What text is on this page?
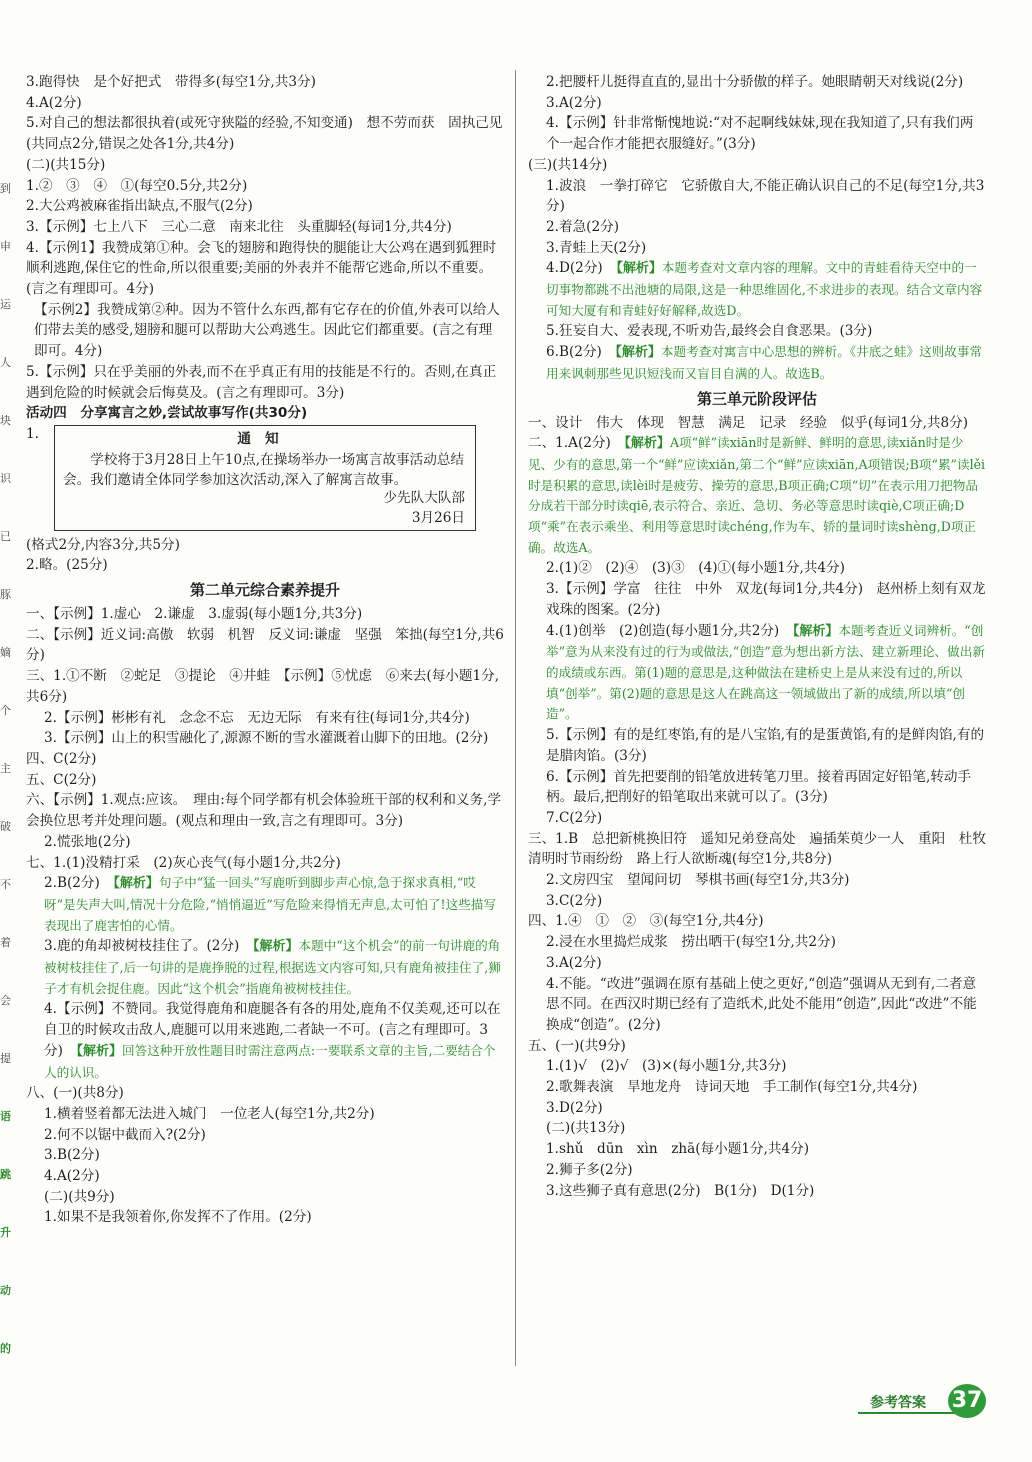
到
申
运
人
块
识
已
豚
嫡
个
主
破
不
着
会
提
语
跳
升
动
的
3.跑得快　是个好把式　带得多(每空1分,共3分)
4.A(2分)
5.对自己的想法都很执着(或死守狭隘的经验,不知变通)　想不劳而获　固执己见(共同点2分,错误之处各1分,共4分)
(二)(共15分)
1.②　③　④　①(每空0.5分,共2分)
2.大公鸡被麻雀指出缺点,不服气(2分)
3.【示例】七上八下　三心二意　南来北往　头重脚轻(每词1分,共4分)
4.【示例1】我赞成第①种。会飞的翅膀和跑得快的腿能让大公鸡在遇到狐狸时顺利逃跑,保住它的性命,所以很重要;美丽的外表并不能帮它逃命,所以不重要。(言之有理即可。4分)
【示例2】我赞成第②种。因为不管什么东西,都有它存在的价值,外表可以给人们带去美的感受,翅膀和腿可以帮助大公鸡逃生。因此它们都重要。(言之有理即可。4分)
5.【示例】只在乎美丽的外表,而不在乎真正有用的技能是不行的。否则,在真正遇到危险的时候就会后悔莫及。(言之有理即可。3分)
活动四　分享寓言之妙,尝试故事写作(共30分)
1.	通知
学校将于3月28日上午10点,在操场举办一场寓言故事活动总结会。我们邀请全体同学参加这次活动,深入了解寓言故事。
少先队大队部
3月26日
(格式2分,内容3分,共5分)
2.略。(25分)
第二单元综合素养提升
一、【示例】1.虚心　2.谦虚　3.虚弱(每小题1分,共3分)
二、【示例】近义词:高傲　软弱　机智　反义词:谦虚　坚强　笨拙(每空1分,共6分)
三、1.①不断　②蛇足　③提论　④井蛙　【示例】⑤忧虑　⑥来去(每小题1分,共6分)
2.【示例】彬彬有礼　念念不忘　无边无际　有来有往(每词1分,共4分)
3.【示例】山上的积雪融化了,源源不断的雪水灌溉着山脚下的田地。(2分)
四、C(2分)
五、C(2分)
六、【示例】1.观点:应该。　理由:每个同学都有机会体验班干部的权利和义务,学会换位思考并处理问题。(观点和理由一致,言之有理即可。3分)
2.慌张地(2分)
七、1.(1)没精打采　(2)灰心丧气(每小题1分,共2分)
2.B(2分)　【解析】句子中“猛一回头”写鹿听到脚步声心惊,急于探求真相,“哎呀”是失声大叫,情况十分危险,“悄悄逼近”写危险来得悄无声息,太可怕了!这些描写表现出了鹿害怕的心情。
3.鹿的角却被树枝挂住了。(2分)　【解析】本题中“这个机会”的前一句讲鹿的角被树枝挂住了,后一句讲的是鹿挣脱的过程,根据选文内容可知,只有鹿角被挂住了,狮子才有机会捉住鹿。因此“这个机会”指鹿角被树枝挂住。
4.【示例】不赞同。我觉得鹿角和鹿腿各有各的用处,鹿角不仅美观,还可以在自卫的时候攻击敌人,鹿腿可以用来逃跑,二者缺一不可。(言之有理即可。3分)　【解析】回答这种开放性题目时需注意两点:一要联系文章的主旨,二要结合个人的认识。
八、(一)(共8分)
1.横着竖着都无法进入城门　一位老人(每空1分,共2分)
2.何不以锯中截而入?(2分)
3.B(2分)
4.A(2分)
(二)(共9分)
1.如果不是我领着你,你发挥不了作用。(2分)
2.把腰杆儿挺得直直的,显出十分骄傲的样子。她眼睛朝天对线说(2分)
3.A(2分)
4.【示例】针非常惭愧地说:“对不起啊线妹妹,现在我知道了,只有我们两个一起合作才能把衣服缝好。”(3分)
(三)(共14分)
1.波浪　一拳打碎它　它骄傲自大,不能正确认识自己的不足(每空1分,共3分)
2.着急(2分)
3.青蛙上天(2分)
4.D(2分)　【解析】本题考查对文章内容的理解。文中的青蛙看待天空中的一切事物都跳不出池塘的局限,这是一种思维固化,不求进步的表现。结合文章内容可知大厦有和青蛙好好解释,故选D。
5.狂妄自大、爱表现,不听劝告,最终会自食恶果。(3分)
6.B(2分)　【解析】本题考查对寓言中心思想的辨析。《井底之蛙》这则故事常用来讽刺那些见识短浅而又盲目自满的人。故选B。
第三单元阶段评估
一、设计　伟大　体现　智慧　满足　记录　经验　似乎(每词1分,共8分)
二、1.A(2分)　【解析】A项“鲜”读xiān时是新鲜、鲜明的意思,读xiǎn时是少见、少有的意思,第一个“鲜”应读xiǎn,第二个“鲜”应读xiān,A项错误;B项“累”读lěi时是积累的意思,读lèi时是疲劳、操劳的意思,B项正确;C项“切”在表示用刀把物品分成若干部分时读qiē,表示符合、亲近、急切、务必等意思时读qiè,C项正确;D项“乘”在表示乘坐、利用等意思时读chéng,作为车、轿的量词时读shèng,D项正确。故选A。
2.(1)②　(2)④　(3)③　(4)①(每小题1分,共4分)
3.【示例】学富　往往　中外　双龙(每词1分,共4分)　赵州桥上刻有双龙戏珠的图案。(2分)
4.(1)创举　(2)创造(每小题1分,共2分)　【解析】本题考查近义词辨析。“创举”意为从来没有过的行为或做法,“创造”意为想出新方法、建立新理论、做出新的成绩或东西。第(1)题的意思是,这种做法在建桥史上是从来没有过的,所以填“创举”。第(2)题的意思是这人在跳高这一领域做出了新的成绩,所以填“创造”。
5.【示例】有的是红枣馅,有的是八宝馅,有的是蛋黄馅,有的是鲜肉馅,有的是腊肉馅。(3分)
6.【示例】首先把要削的铅笔放进转笔刀里。接着再固定好铅笔,转动手柄。最后,把削好的铅笔取出来就可以了。(3分)
7.C(2分)
三、1.B　总把新桃换旧符　遥知兄弟登高处　遍插茱萸少一人　重阳　杜牧　清明时节雨纷纷　路上行人欲断魂(每空1分,共8分)
2.文房四宝　望闻问切　琴棋书画(每空1分,共3分)
3.C(2分)
四、1.④　①　②　③(每空1分,共4分)
2.浸在水里捣烂成浆　捞出晒干(每空1分,共2分)
3.A(2分)
4.不能。“改进”强调在原有基础上使之更好,“创造”强调从无到有,二者意思不同。在西汉时期已经有了造纸术,此处不能用“创造”,因此“改进”不能换成“创造”。(2分)
五、(一)(共9分)
1.(1)√　(2)√　(3)×(每小题1分,共3分)
2.歌舞表演　旱地龙舟　诗词天地　手工制作(每空1分,共4分)
3.D(2分)
(二)(共13分)
1.shǔ　dūn　xìn　zhā(每小题1分,共4分)
2.狮子多(2分)
3.这些狮子真有意思(2分)　B(1分)　D(1分)
参考答案 37
